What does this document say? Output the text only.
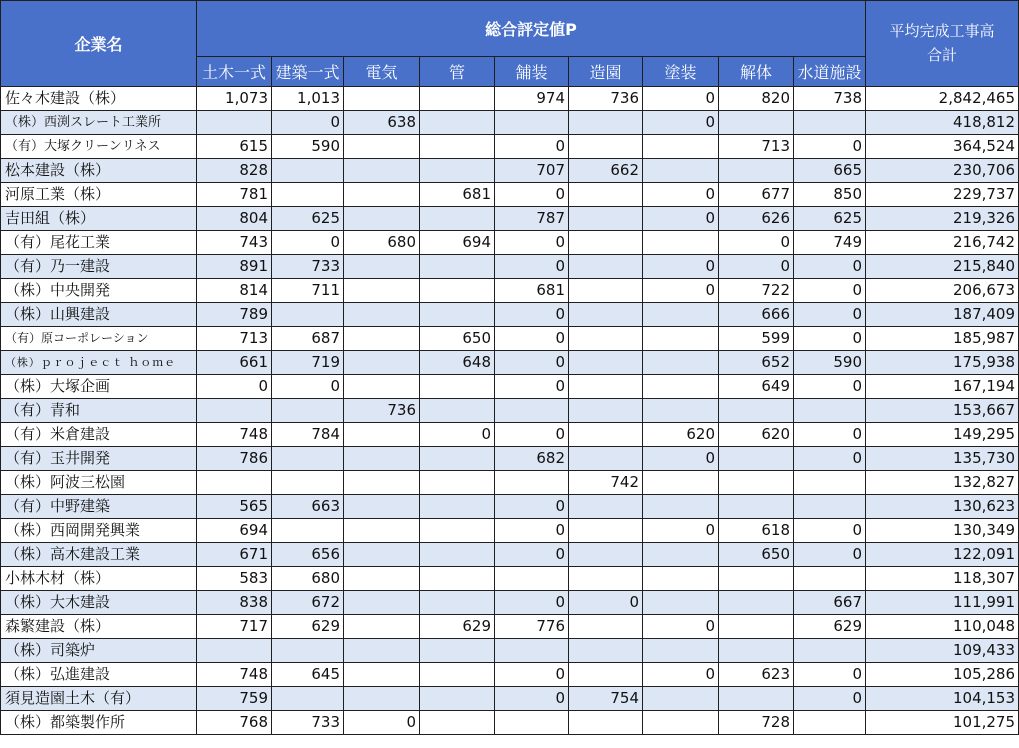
企業名	総合評定値P									平均完成工事高
合計
	土木一式	建築一式	電気	管	舗装	造園	塗装	解体	水道施設	
佐々木建設（株）	1,073	1,013			974	736	0	820	738	2,842,465
（株）西渕スレート工業所		0	638				0			418,812
（有）大塚クリーンリネス	615	590			0			713	0	364,524
松本建設（株）	828				707	662			665	230,706
河原工業（株）	781			681	0		0	677	850	229,737
吉田組（株）	804	625			787		0	626	625	219,326
（有）尾花工業	743	0	680	694	0			0	749	216,742
（有）乃一建設	891	733			0		0	0	0	215,840
（株）中央開発	814	711			681		0	722	0	206,673
（株）山興建設	789				0			666	0	187,409
（有）原コーポレーション	713	687		650	0			599	0	185,987
（株）ｐｒｏｊｅｃｔ ｈｏｍｅ	661	719		648	0			652	590	175,938
（株）大塚企画	0	0			0			649	0	167,194
（有）青和			736							153,667
（有）米倉建設	748	784		0	0		620	620	0	149,295
（有）玉井開発	786				682		0		0	135,730
（株）阿波三松園						742				132,827
（有）中野建築	565	663			0					130,623
（株）西岡開発興業	694				0		0	618	0	130,349
（株）高木建設工業	671	656			0			650	0	122,091
小林木材（株）	583	680								118,307
（株）大木建設	838	672			0	0			667	111,991
森繁建設（株）	717	629		629	776		0		629	110,048
（株）司築炉										109,433
（株）弘進建設	748	645			0		0	623	0	105,286
須見造園土木（有）	759				0	754			0	104,153
（株）都築製作所	768	733	0					728		101,275
